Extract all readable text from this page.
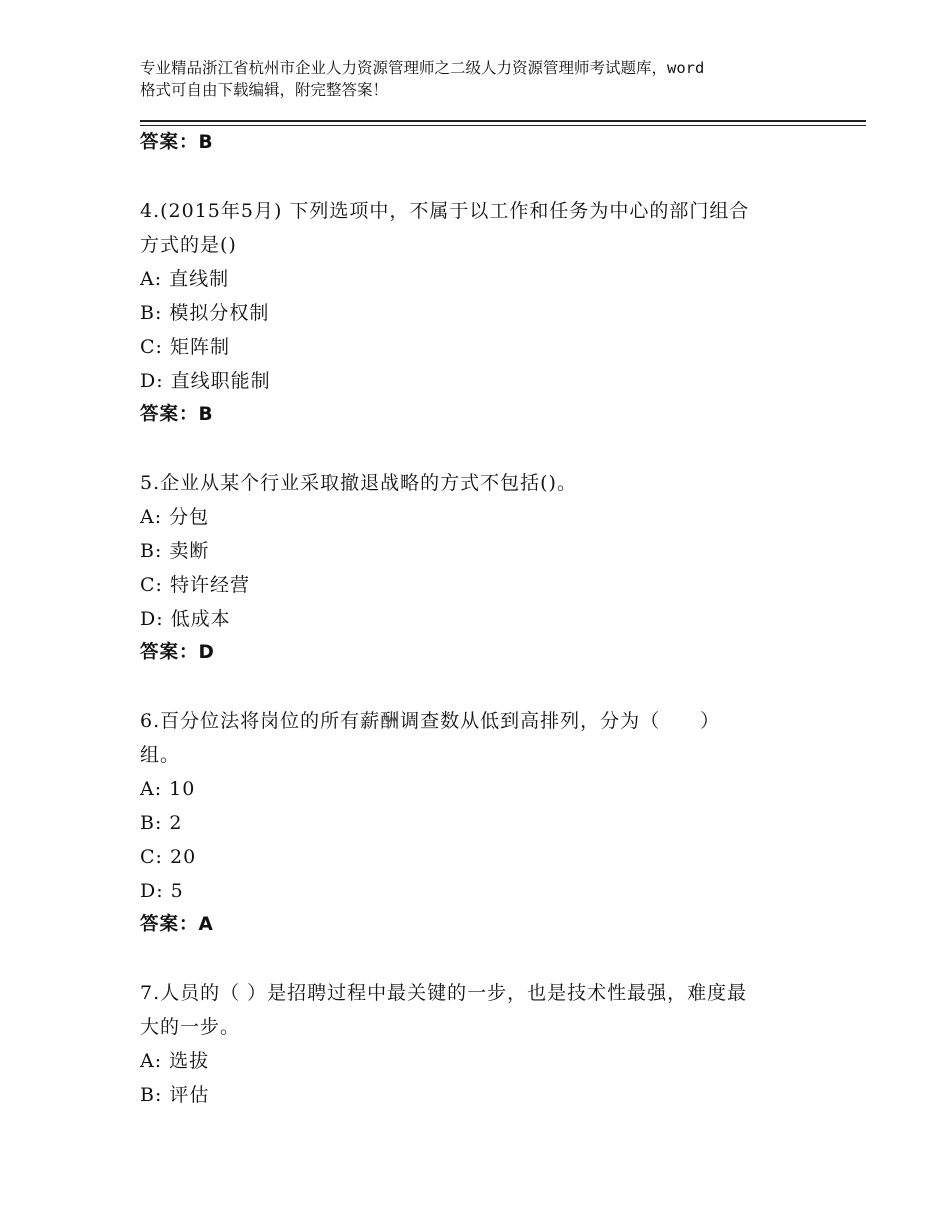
专业精品浙江省杭州市企业人力资源管理师之二级人力资源管理师考试题库，word
格式可自由下载编辑，附完整答案！
答案：B
4.(2015年5月) 下列选项中，不属于以工作和任务为中心的部门组合
方式的是()
A: 直线制
B: 模拟分权制
C: 矩阵制
D: 直线职能制
答案：B
5.企业从某个行业采取撤退战略的方式不包括()。
A: 分包
B: 卖断
C: 特许经营
D: 低成本
答案：D
6.百分位法将岗位的所有薪酬调查数从低到高排列，分为（　　）
组。
A: 10
B: 2
C: 20
D: 5
答案：A
7.人员的（ ）是招聘过程中最关键的一步，也是技术性最强，难度最
大的一步。
A: 选拔
B: 评估
